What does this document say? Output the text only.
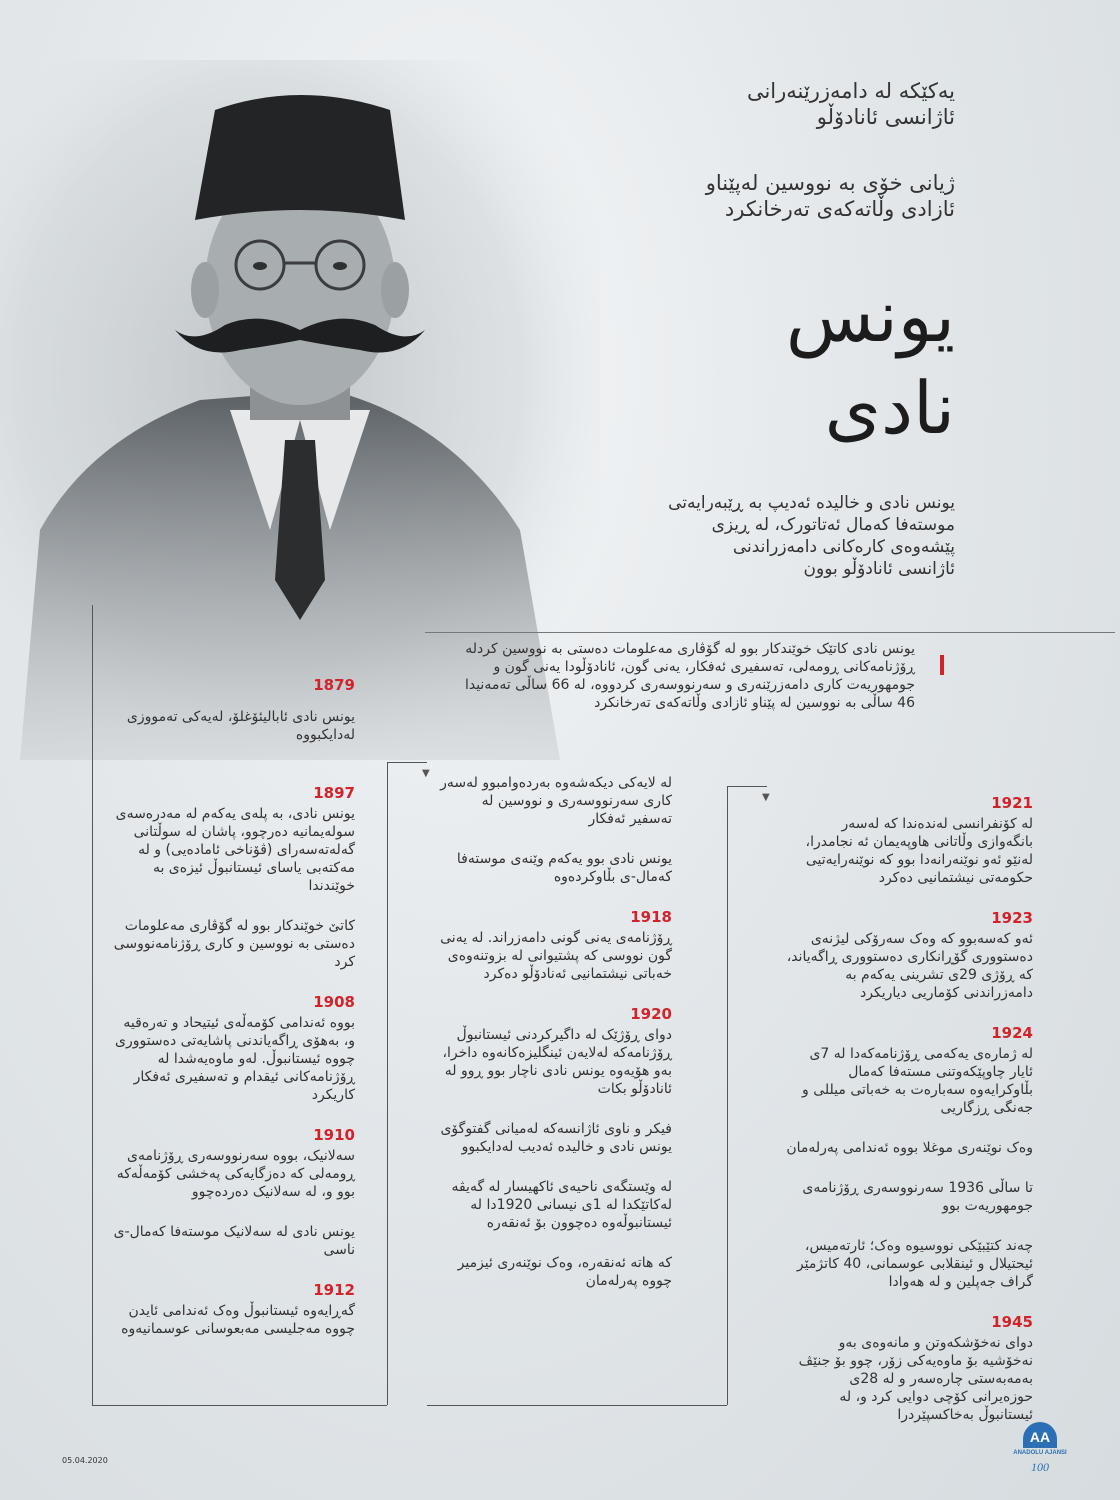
یەکێکە لە دامەزرێنەرانی
ئاژانسی ئانادۆڵو
ژیانی خۆی بە نووسین لەپێناو
ئازادی وڵاتەکەی تەرخانکرد
یونس
نادی
یونس نادی و خالیدە ئەدیپ بە ڕێبەرایەتی
موستەفا کەمال ئەتاتورک، لە ڕیزی
پێشەوەی کارەکانی دامەزراندنی
ئاژانسی ئانادۆڵو بوون
یونس نادی کاتێک خوێندکار بوو لە گۆڤاری مەعلومات دەستی بە نووسین کردلە ڕۆژنامەکانی ڕومەلی، تەسفیری ئەفکار، یەنی گون، ئانادۆڵودا یەنی گون و جومهوریەت کاری دامەزرێنەری و سەرنووسەری کردووە، لە 66 ساڵی تەمەنیدا 46 ساڵی بە نووسین لە پێناو ئازادی وڵاتەکەی تەرخانکرد
▼
▼
1879

یونس نادی ئابالیئۆغلۆ، لەیەکی تەمووزی لەدایکبووە

1897

یونس نادی، بە پلەی یەکەم لە مەدرەسەی سولەیمانیە دەرچوو، پاشان لە سوڵتانی گەلەتەسەرای (ڤۆناخی ئامادەیی) و لە مەکتەبی یاسای ئیستانبوڵ ئیزەی بە خوێندندا

کاتێ خوێندکار بوو لە گۆڤاری مەعلومات دەستی بە نووسین و کاری ڕۆژنامەنووسی کرد

1908

بووە ئەندامی کۆمەڵەی ئیتیحاد و تەرەقیە و، بەهۆی ڕاگەیاندنی پاشایەتی دەستووری چووە ئیستانبوڵ. لەو ماوەیەشدا لە ڕۆژنامەکانی ئیقدام و تەسفیری ئەفکار کاریکرد

1910

سەلانیک، بووە سەرنووسەری ڕۆژنامەی ڕومەلی کە دەزگایەکی پەخشی کۆمەڵەکە بوو و، لە سەلانیک دەردەچوو

یونس نادی لە سەلانیک موستەفا کەمال-ی ناسی

1912

گەڕایەوە ئیستانبوڵ وەک ئەندامی ئایدن چووە مەجلیسی مەبعوسانی عوسمانیەوە

لە لایەکی دیکەشەوە بەردەوامبوو لەسەر کاری سەرنووسەری و نووسین لە تەسفیر ئەفکار

یونس نادی بوو یەکەم وێنەی موستەفا کەمال-ی بڵاوکردەوە

1918

ڕۆژنامەی یەنی گونی دامەزراند. لە یەنی گون نووسی کە پشتیوانی لە بزوتنەوەی خەباتی نیشتمانیی ئەنادۆڵو دەکرد

1920

دوای ڕۆژێک لە داگیرکردنی ئیستانبوڵ ڕۆژنامەکە لەلایەن ئینگلیزەکانەوە داخرا، بەو هۆیەوە یونس نادی ناچار بوو ڕوو لە ئانادۆڵو بکات

فیکر و ناوی ئاژانسەکە لەمیانی گفتوگۆی یونس نادی و خالیدە ئەدیب لەدایکبوو

لە وێستگەی ناحیەی ئاکهیسار لە گەیڤە لەکاتێکدا لە 1ی نیسانی 1920دا لە ئیستانبوڵەوە دەچوون بۆ ئەنقەرە

کە هاتە ئەنقەرە، وەک نوێنەری ئیزمیر چووە پەرلەمان

1921

لە کۆنفرانسی لەندەندا کە لەسەر بانگەوازی وڵاتانی هاوپەیمان ئە نجامدرا، لەنێو ئەو نوێنەرانەدا بوو کە نوێنەرایەتیی حکومەتی نیشتمانیی دەکرد

1923

ئەو کەسەبوو کە وەک سەرۆکی لیژنەی دەستووری گۆڕانکاری دەستووری ڕاگەیاند، کە ڕۆژی 29ی تشرینی یەکەم بە دامەزراندنی کۆماریی دیاریکرد

1924

لە ژمارەی یەکەمی ڕۆژنامەکەدا لە 7ی ئایار چاوپێکەوتنی مستەفا کەمال بڵاوکرایەوە سەبارەت بە خەباتی میللی و جەنگی ڕزگاریی

وەک نوێنەری موغلا بووە ئەندامی پەرلەمان

تا ساڵی 1936 سەرنووسەری ڕۆژنامەی جومهوریەت بوو

چەند کتێبێکی نووسیوە وەک؛ ئارتەمیس، ئیحتیلال و ئینقلابی عوسمانی، 40 کاتژمێر گراف جەپلین و لە هەوادا

1945

دوای نەخۆشکەوتن و مانەوەی بەو نەخۆشیە بۆ ماوەیەکی زۆر، چوو بۆ جنێڤ بەمەبەستی چارەسەر و لە 28ی حوزەیرانی کۆچی دوایی کرد و، لە ئیستانبوڵ بەخاکسپێردرا

05.04.2020
AA
ANADOLU AJANSI
100
